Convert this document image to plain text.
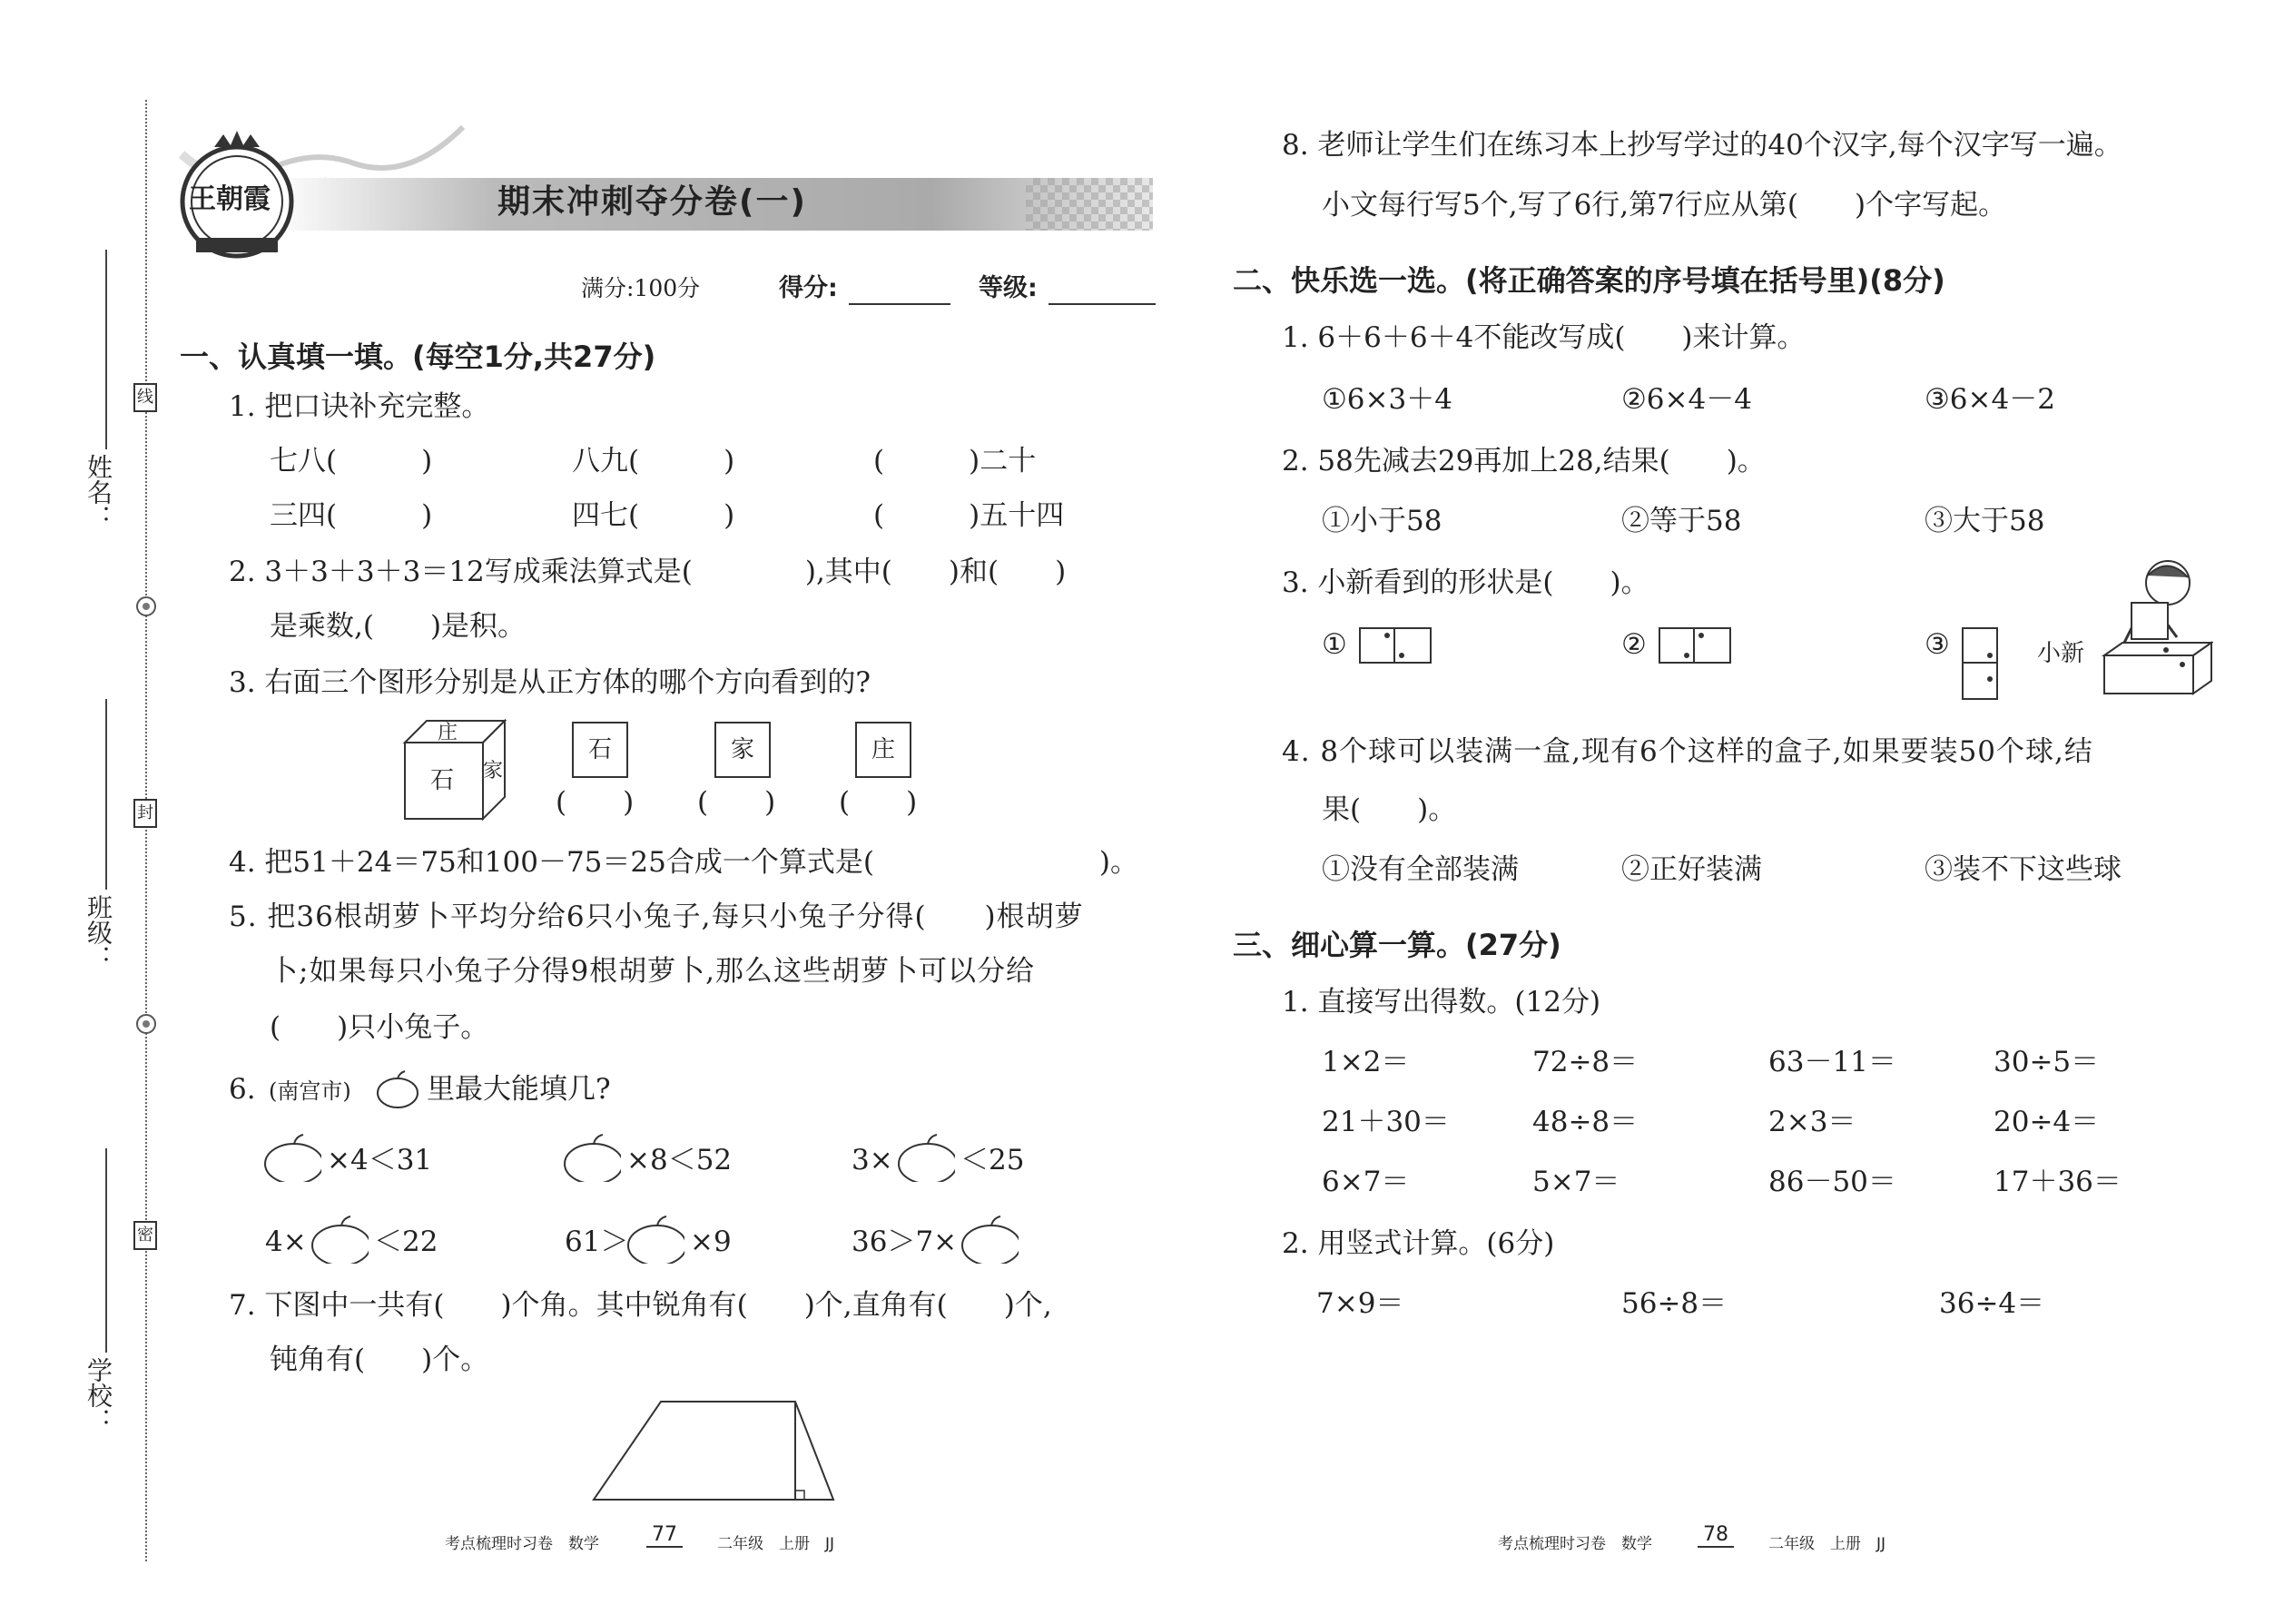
姓名：
班级：
学校：
线
封
密
王朝霞	期末冲刺夺分卷(一)
满分:100分	得分:	等级:
一、认真填一填。(每空1分,共27分)
1. 把口诀补充完整。
七八(　　　)	八九(　　　)	(　　　)二十
三四(　　　)	四七(　　　)	(　　　)五十四
2. 3＋3＋3＋3＝12写成乘法算式是(　　　　),其中(　　)和(　　)
是乘数,(　　)是积。
3. 右面三个图形分别是从正方体的哪个方向看到的?
庄
石 家
石	家	庄
(　　) (　　) (　　)
4. 把51＋24＝75和100－75＝25合成一个算式是(　　　　　　　　)。
5. 把36根胡萝卜平均分给6只小兔子,每只小兔子分得(　　)根胡萝
卜;如果每只小兔子分得9根胡萝卜,那么这些胡萝卜可以分给
(　　)只小兔子。
6. (南宫市)	里最大能填几?
×4＜31	×8＜52	3× ＜25
4× ＜22	61＞ ×9	36＞7×
7. 下图中一共有(　　)个角。其中锐角有(　　)个,直角有(　　)个,
钝角有(　　)个。
8. 老师让学生们在练习本上抄写学过的40个汉字,每个汉字写一遍。
小文每行写5个,写了6行,第7行应从第(　　)个字写起。
二、快乐选一选。(将正确答案的序号填在括号里)(8分)
1. 6＋6＋6＋4不能改写成(　　)来计算。
①6×3＋4	②6×4－4	③6×4－2
2. 58先减去29再加上28,结果(　　)。
①小于58	②等于58	③大于58
3. 小新看到的形状是(　　)。
①	②	③	小新
4. 8个球可以装满一盒,现有6个这样的盒子,如果要装50个球,结
果(　　)。
①没有全部装满	②正好装满	③装不下这些球
三、细心算一算。(27分)
1. 直接写出得数。(12分)
1×2＝	72÷8＝	63－11＝	30÷5＝
21＋30＝	48÷8＝	2×3＝	20÷4＝
6×7＝	5×7＝	86－50＝	17＋36＝
2. 用竖式计算。(6分)
7×9＝	56÷8＝	36÷4＝
考点梳理时习卷　数学	77	二年级　上册　JJ	考点梳理时习卷　数学	78	二年级　上册　JJ
